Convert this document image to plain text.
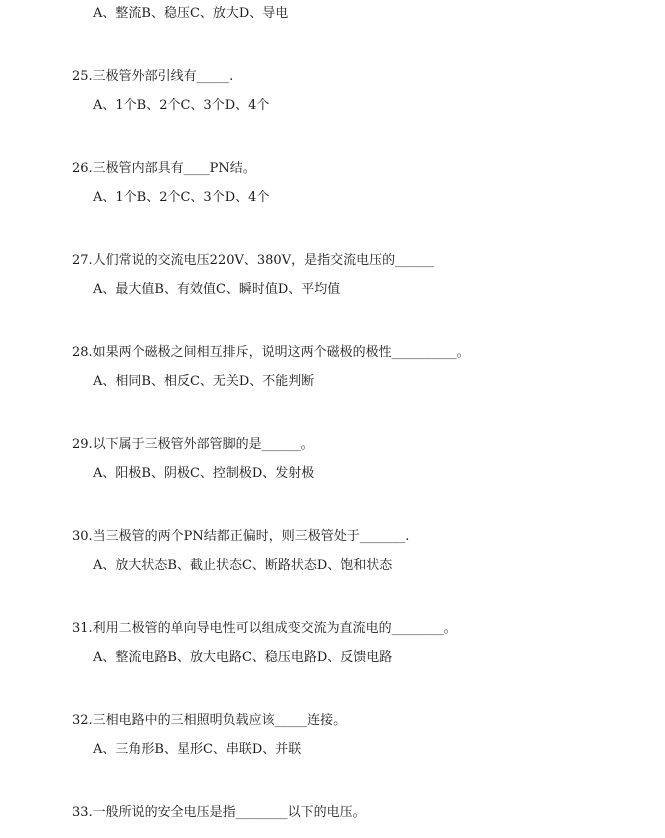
A、整流B、稳压C、放大D、导电
25.三极管外部引线有_____.
A、1个B、2个C、3个D、4个
26.三极管内部具有____PN结。
A、1个B、2个C、3个D、4个
27.人们常说的交流电压220V、380V，是指交流电压的______
A、最大值B、有效值C、瞬时值D、平均值
28.如果两个磁极之间相互排斥，说明这两个磁极的极性__________。
A、相同B、相反C、无关D、不能判断
29.以下属于三极管外部管脚的是______。
A、阳极B、阴极C、控制极D、发射极
30.当三极管的两个PN结都正偏时，则三极管处于_______.
A、放大状态B、截止状态C、断路状态D、饱和状态
31.利用二极管的单向导电性可以组成变交流为直流电的________。
A、整流电路B、放大电路C、稳压电路D、反馈电路
32.三相电路中的三相照明负载应该_____连接。
A、三角形B、星形C、串联D、并联
33.一般所说的安全电压是指________以下的电压。
